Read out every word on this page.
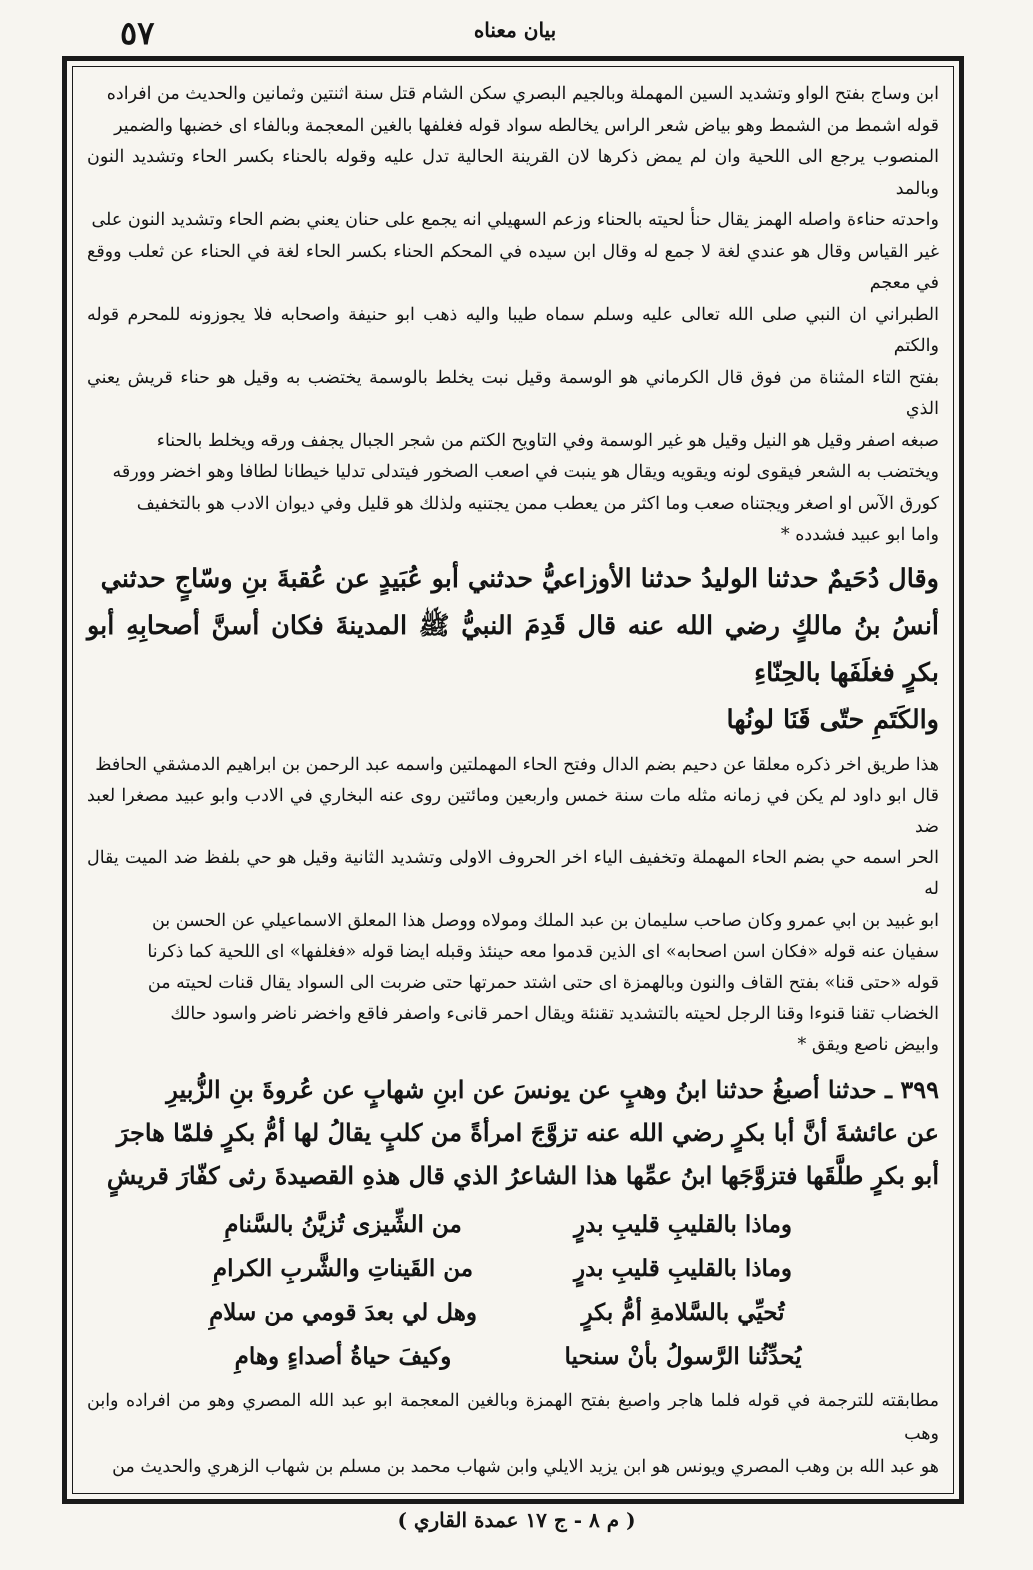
٥٧	بيان معناه

ابن وساج بفتح الواو وتشديد السين المهملة وبالجيم البصري سكن الشام قتل سنة اثنتين وثمانين والحديث من افراده

قوله اشمط من الشمط وهو بياض شعر الراس يخالطه سواد قوله فغلفها بالغين المعجمة وبالفاء اى خضبها والضمير

المنصوب يرجع الى اللحية وان لم يمض ذكرها لان القرينة الحالية تدل عليه وقوله بالحناء بكسر الحاء وتشديد النون وبالمد

واحدته حناءة واصله الهمز يقال حنأ لحيته بالحناء وزعم السهيلي انه يجمع على حنان يعني بضم الحاء وتشديد النون على

غير القياس وقال هو عندي لغة لا جمع له وقال ابن سيده في المحكم الحناء بكسر الحاء لغة في الحناء عن ثعلب ووقع في معجم

الطبراني ان النبي صلى الله تعالى عليه وسلم سماه طيبا واليه ذهب ابو حنيفة واصحابه فلا يجوزونه للمحرم قوله والكتم

بفتح التاء المثناة من فوق قال الكرماني هو الوسمة وقيل نبت يخلط بالوسمة يختضب به وقيل هو حناء قريش يعني الذي

صبغه اصفر وقيل هو النيل وقيل هو غير الوسمة وفي التاويح الكتم من شجر الجبال يجفف ورقه ويخلط بالحناء

ويختضب به الشعر فيقوى لونه ويقويه ويقال هو ينبت في اصعب الصخور فيتدلى تدليا خيطانا لطافا وهو اخضر وورقه

كورق الآس او اصغر ويجتناه صعب وما اكثر من يعطب ممن يجتنيه ولذلك هو قليل وفي ديوان الادب هو بالتخفيف

واما ابو عبيد فشدده *

وقال دُحَيمٌ حدثنا الوليدُ حدثنا الأوزاعيُّ حدثني أبو عُبَيدٍ عن عُقبةَ بنِ وسّاجٍ حدثني

أنسُ بنُ مالكٍ رضي الله عنه قال قَدِمَ النبيُّ ﷺ المدينةَ فكان أسنَّ أصحابِهِ أبو بكرٍ فغلَفَها بالحِنّاءِ

والكَتَمِ حتّى قَنَا لونُها

هذا طريق اخر ذكره معلقا عن دحيم بضم الدال وفتح الحاء المهملتين واسمه عبد الرحمن بن ابراهيم الدمشقي الحافظ

قال ابو داود لم يكن في زمانه مثله مات سنة خمس واربعين ومائتين روى عنه البخاري في الادب وابو عبيد مصغرا لعبد ضد

الحر اسمه حي بضم الحاء المهملة وتخفيف الياء اخر الحروف الاولى وتشديد الثانية وقيل هو حي بلفظ ضد الميت يقال له

ابو غبيد بن ابي عمرو وكان صاحب سليمان بن عبد الملك ومولاه ووصل هذا المعلق الاسماعيلي عن الحسن بن

سفيان عنه قوله «فكان اسن اصحابه» اى الذين قدموا معه حينئذ وقبله ايضا قوله «فغلفها» اى اللحية كما ذكرنا

قوله «حتى قنا» بفتح القاف والنون وبالهمزة اى حتى اشتد حمرتها حتى ضربت الى السواد يقال قنات لحيته من

الخضاب تقنا قنوءا وقنا الرجل لحيته بالتشديد تقنئة ويقال احمر قانىء واصفر فاقع واخضر ناضر واسود حالك

وابيض ناصع ويقق *

٣٩٩ ـ حدثنا أصبغُ حدثنا ابنُ وهبٍ عن يونسَ عن ابنِ شهابٍ عن عُروةَ بنِ الزُّبيرِ

عن عائشةَ أنَّ أبا بكرٍ رضي الله عنه تزوَّجَ امرأةً من كلبٍ يقالُ لها أمُّ بكرٍ فلمّا هاجرَ

أبو بكرٍ طلَّقَها فتزوَّجَها ابنُ عمِّها هذا الشاعرُ الذي قال هذهِ القصيدةَ رثى كفّارَ قريشٍ

وماذا بالقليبِ قليبِ بدرٍ
من الشِّيزى تُزيَّنُ بالسَّنامِ
وماذا بالقليبِ قليبِ بدرٍ
من القَيناتِ والشَّربِ الكرامِ
تُحيِّي بالسَّلامةِ أمُّ بكرٍ
وهل لي بعدَ قومي من سلامِ
يُحدِّثُنا الرَّسولُ بأنْ سنحيا
وكيفَ حياةُ أصداءٍ وهامِ

مطابقته للترجمة في قوله فلما هاجر واصبغ بفتح الهمزة وبالغين المعجمة ابو عبد الله المصري وهو من افراده وابن وهب

هو عبد الله بن وهب المصري ويونس هو ابن يزيد الايلي وابن شهاب محمد بن مسلم بن شهاب الزهري والحديث من

( م ٨ - ج ١٧ عمدة القاري )
